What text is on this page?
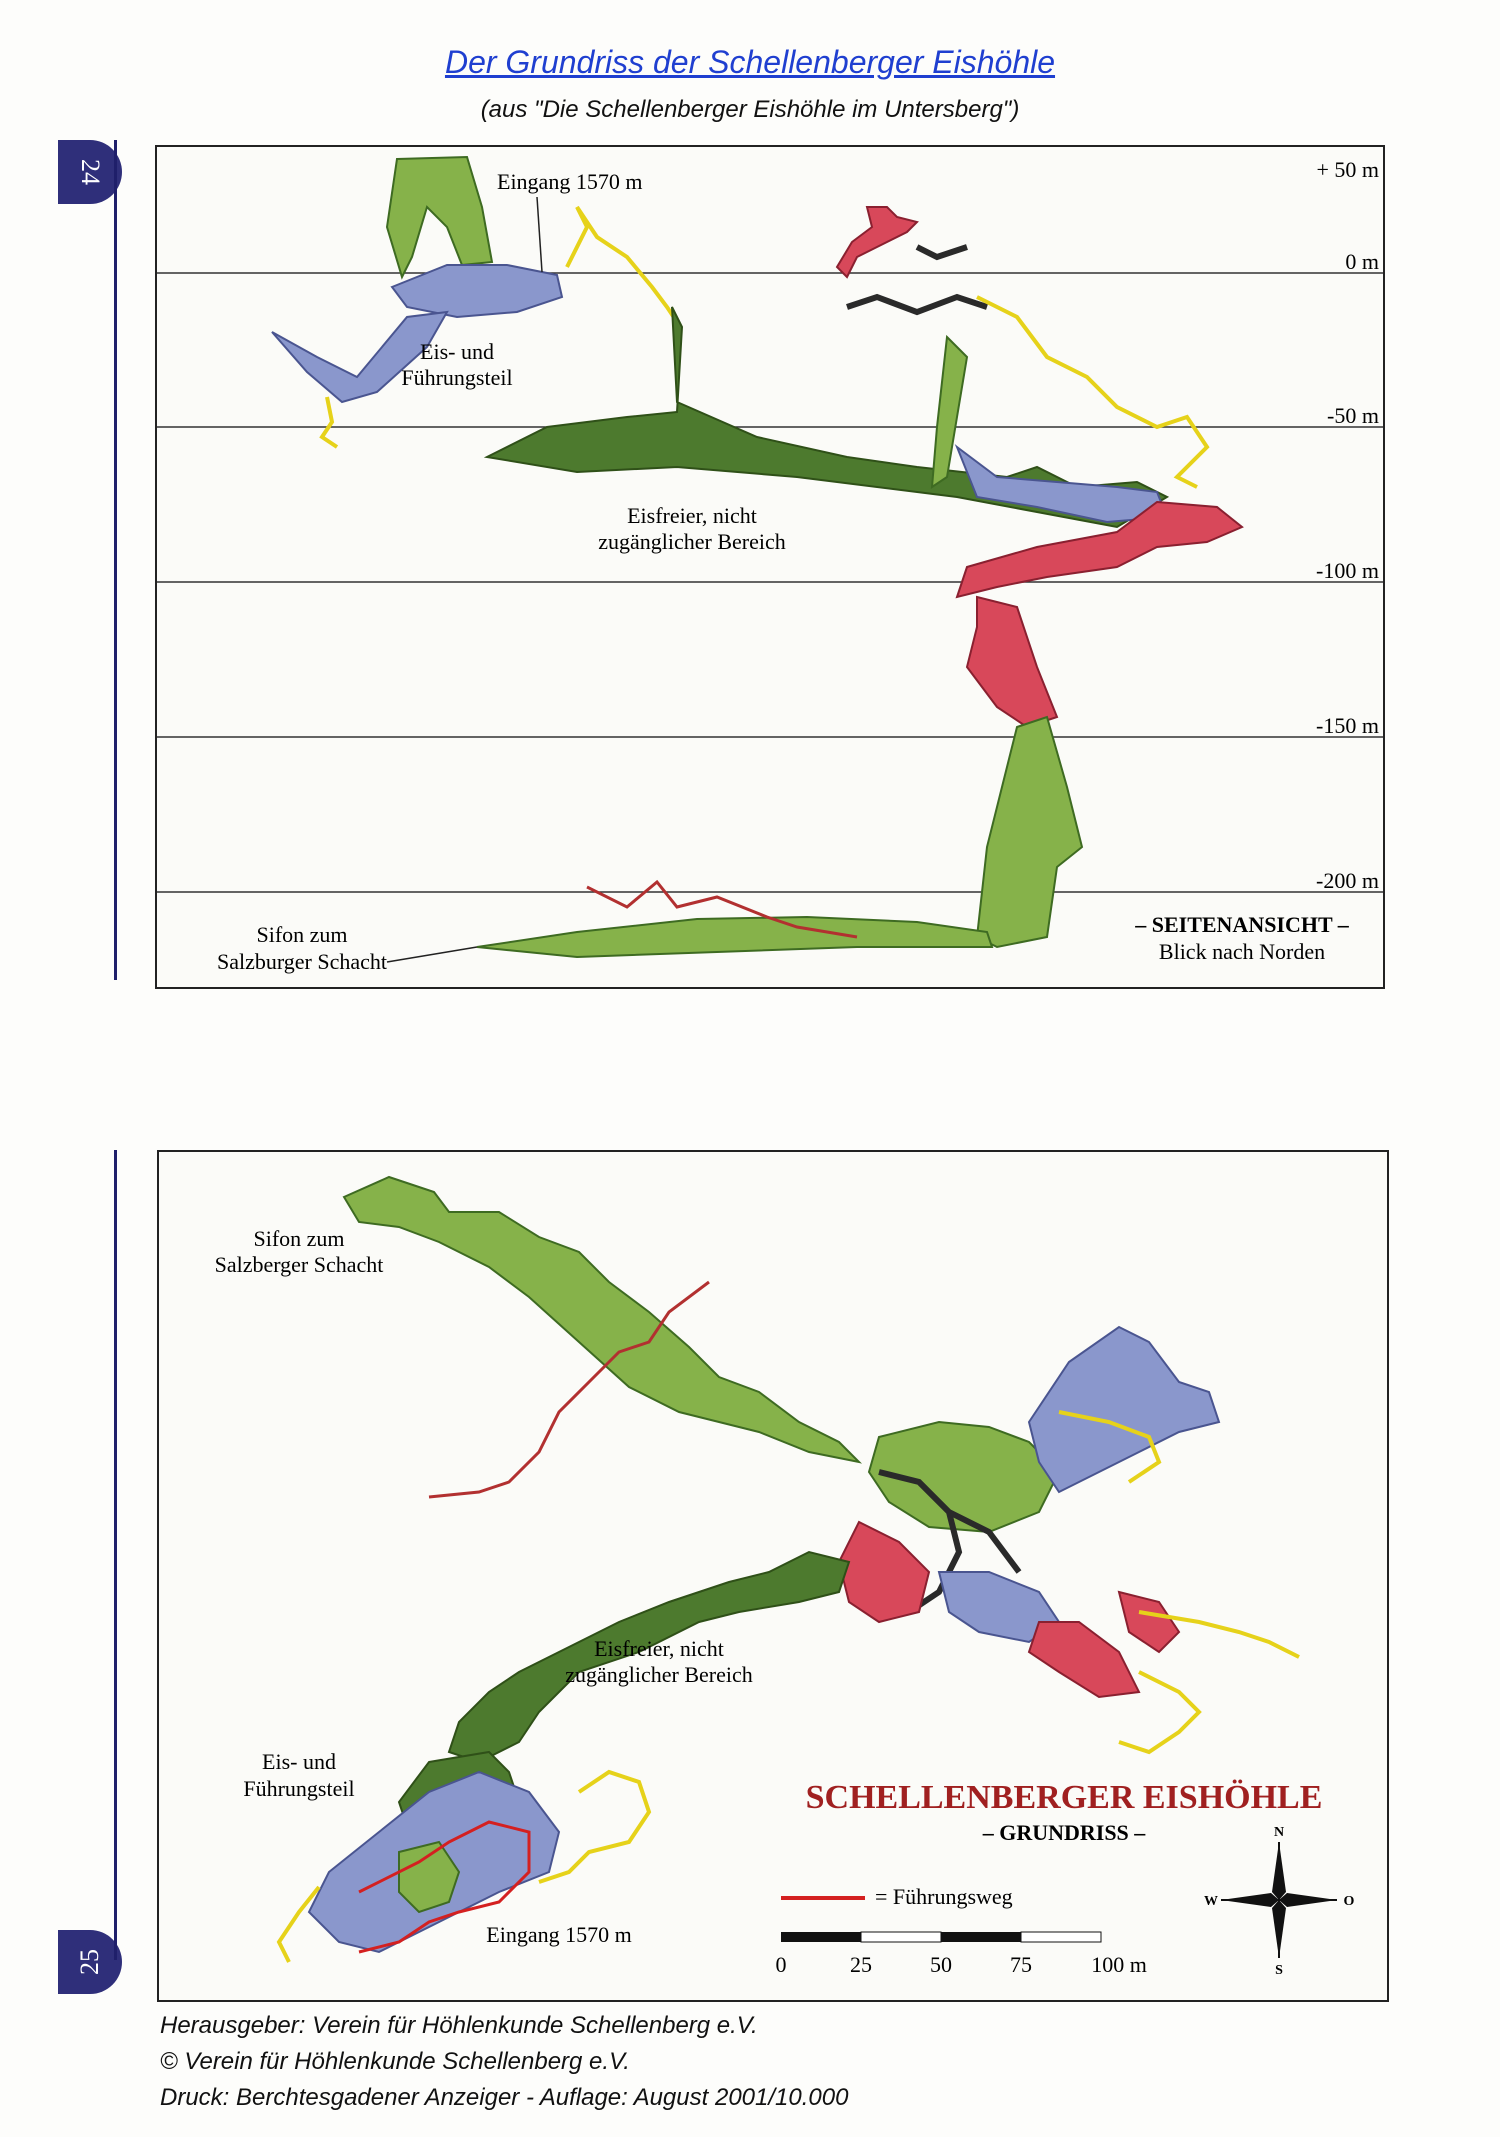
Der Grundriss der Schellenberger Eishöhle
(aus "Die Schellenberger Eishöhle im Untersberg")
24
25
+ 50 m
0 m
-50 m
-100 m
-150 m
-200 m
Eingang 1570 m
Eis- und
Führungsteil
Eisfreier, nicht
zugänglicher Bereich
Sifon zum
Salzburger Schacht
– SEITENANSICHT –
Blick nach Norden
Sifon zum
Salzberger Schacht
Eisfreier, nicht
zugänglicher Bereich
Eis- und
Führungsteil
Eingang 1570 m
SCHELLENBERGER EISHÖHLE
– GRUNDRISS –
= Führungsweg
0	25	50	75	100 m
N
S
W	O
Herausgeber: Verein für Höhlenkunde Schellenberg e.V.
© Verein für Höhlenkunde Schellenberg e.V.
Druck: Berchtesgadener Anzeiger - Auflage: August 2001/10.000
